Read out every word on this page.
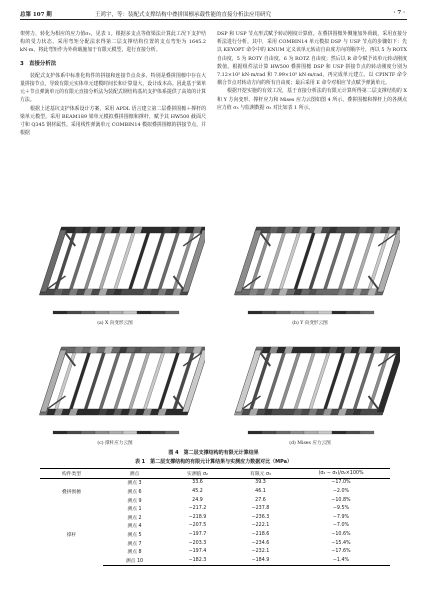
总第 107 期	王鸿宇，等：装配式支撑结构中叠拼围檩承载性能的直接分析法应用研究	· 7 ·

架剪力，转化为相应的应力值σ₂，见表 1。根据多支点等值梁法计算此工况下支护结构的受力状态，采用弯矩分配法求得第二层支撑结构位置的支点弯矩为 1645.2 kN·m，将此弯矩作为外荷载施加于有限元模型，进行直接分析。

3　直接分析法

装配式支护体系中标准化构件的拼接和连接节点众多，特别是叠拼围檩中存在大量拼接节点，导致有限元实体单元建模时间长和计算量大，设计成本高。因此基于梁单元＋节点弹簧单元的有限元直接分析法为装配式钢结构基坑支护体系提供了高效的计算方法。

根据上述基坑支护体系设计方案，采用 APDL 语言建立第二层叠拼围檩＋撑杆的梁单元模型。采用 BEAM189 梁单元模拟叠拼围檩和撑杆，赋予其 HW500 截面尺寸和 Q345 钢材属性。采用线性弹簧单元 COMBIN14 模拟叠拼围檩的拼接节点，并根据

DSP 和 USP 节点形式赋予转动刚度计算值。在叠拼围檩外侧施加外荷载，采用直接分析法进行分析。其中，采用 COMBIN14 单元模拟 DSP 与 USP 节点的步骤如下：先以 KEYOPT 命令中的 KNUM 定义该单元转动自由度方向的顺序号，再以 5 为 ROTX 自由度，5 为 ROTY 自由度，6 为 ROTZ 自由度；然后以 R 命令赋予该单元转动刚度数值。根据组件法计算 HW500 叠拼围檩 DSP 和 USP 拼接节点的转动刚度分别为 7.12×10⁵ kN·m/rad 和 7.99×10⁵ kN·m/rad，再完成单元建立。以 CPINTF 命令耦合节点对转动方向的所有自由度；最后采用 E 命令对相应节点赋予弹簧单元。

根据开挖实施的有效工况，基于直接分析法的有限元计算所得第二层支撑结构的 X 和 Y 方向变形、撑杆应力和 Mises 应力云图如图 4 所示。叠拼围檩和撑杆上的各测点应力值 σ₃ 与监测数据 σ₂ 对比如表 1 所示。

(a) X 向变形云图	(b) Y 向变形云图
(c) 撑杆应力云图	(d) Mises 应力云图
图 4　第二层支撑结构的有限元计算结果
表 1　第二层支撑结构的有限元计算结果与实测应力数据对比（MPa）
构件类型	测点	实测值 σ₂	有限元 σ₃	(σ₂ − σ₃)/σ₂×100%
叠拼围檩	测点 3	33.6	39.3	−17.0%
	测点 6	45.2	46.1	−2.0%
	测点 9	24.9	27.6	−10.8%
撑杆	测点 1	−217.2	−237.8	−9.5%
	测点 2	−218.9	−236.3	−7.9%
	测点 4	−207.5	−222.1	−7.0%
	测点 5	−197.7	−218.6	−10.6%
	测点 7	−203.3	−234.6	−15.4%
	测点 8	−197.4	−232.1	−17.6%
	测点 10	−182.3	−184.9	−1.4%
